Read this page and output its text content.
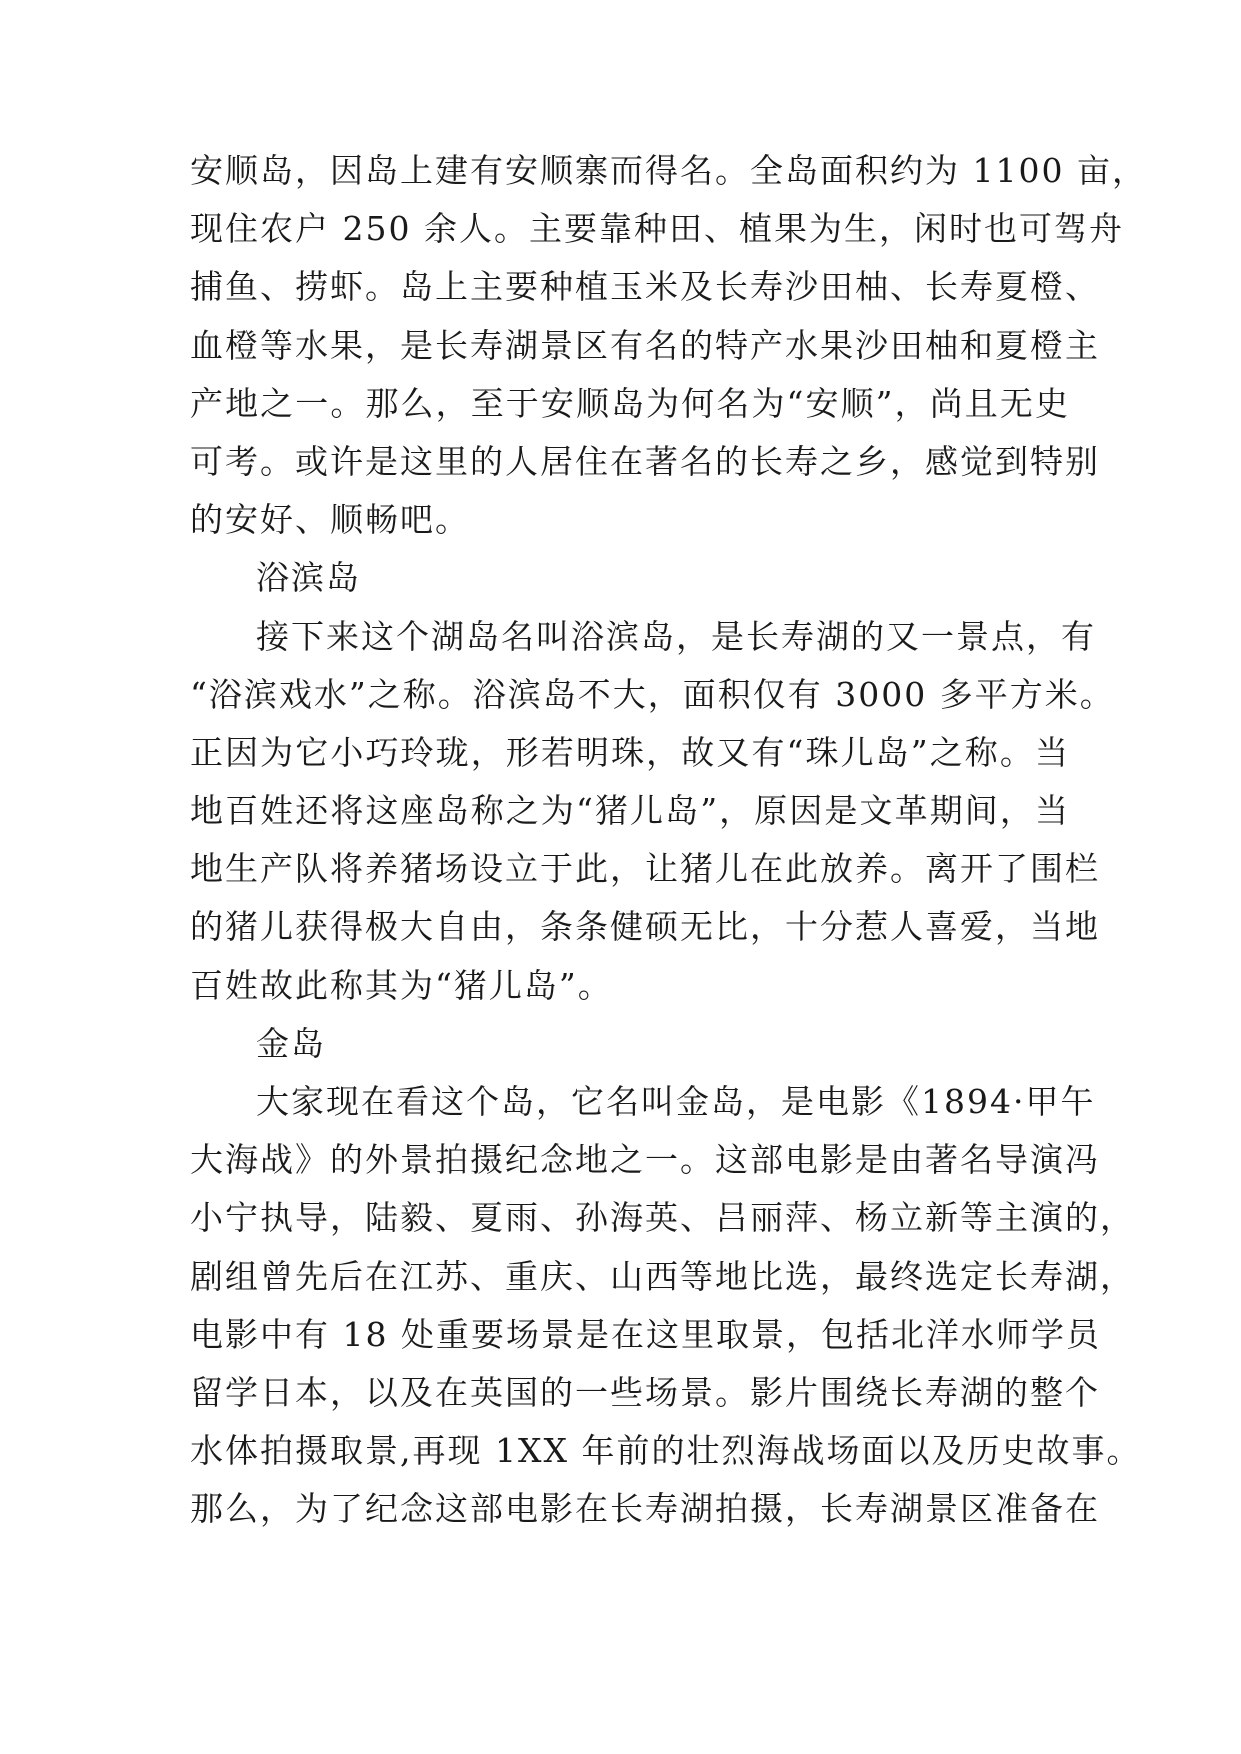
安顺岛，因岛上建有安顺寨而得名。全岛面积约为 1100 亩，
现住农户 250 余人。主要靠种田、植果为生，闲时也可驾舟
捕鱼、捞虾。岛上主要种植玉米及长寿沙田柚、长寿夏橙、
血橙等水果，是长寿湖景区有名的特产水果沙田柚和夏橙主
产地之一。那么，至于安顺岛为何名为“安顺”，尚且无史
可考。或许是这里的人居住在著名的长寿之乡，感觉到特别
的安好、顺畅吧。
浴滨岛
接下来这个湖岛名叫浴滨岛，是长寿湖的又一景点，有
“浴滨戏水”之称。浴滨岛不大，面积仅有 3000 多平方米。
正因为它小巧玲珑，形若明珠，故又有“珠儿岛”之称。当
地百姓还将这座岛称之为“猪儿岛”，原因是文革期间，当
地生产队将养猪场设立于此，让猪儿在此放养。离开了围栏
的猪儿获得极大自由，条条健硕无比，十分惹人喜爱，当地
百姓故此称其为“猪儿岛”。
金岛
大家现在看这个岛，它名叫金岛，是电影《1894·甲午
大海战》的外景拍摄纪念地之一。这部电影是由著名导演冯
小宁执导，陆毅、夏雨、孙海英、吕丽萍、杨立新等主演的，
剧组曾先后在江苏、重庆、山西等地比选，最终选定长寿湖，
电影中有 18 处重要场景是在这里取景，包括北洋水师学员
留学日本，以及在英国的一些场景。影片围绕长寿湖的整个
水体拍摄取景,再现 1XX 年前的壮烈海战场面以及历史故事。
那么，为了纪念这部电影在长寿湖拍摄，长寿湖景区准备在
